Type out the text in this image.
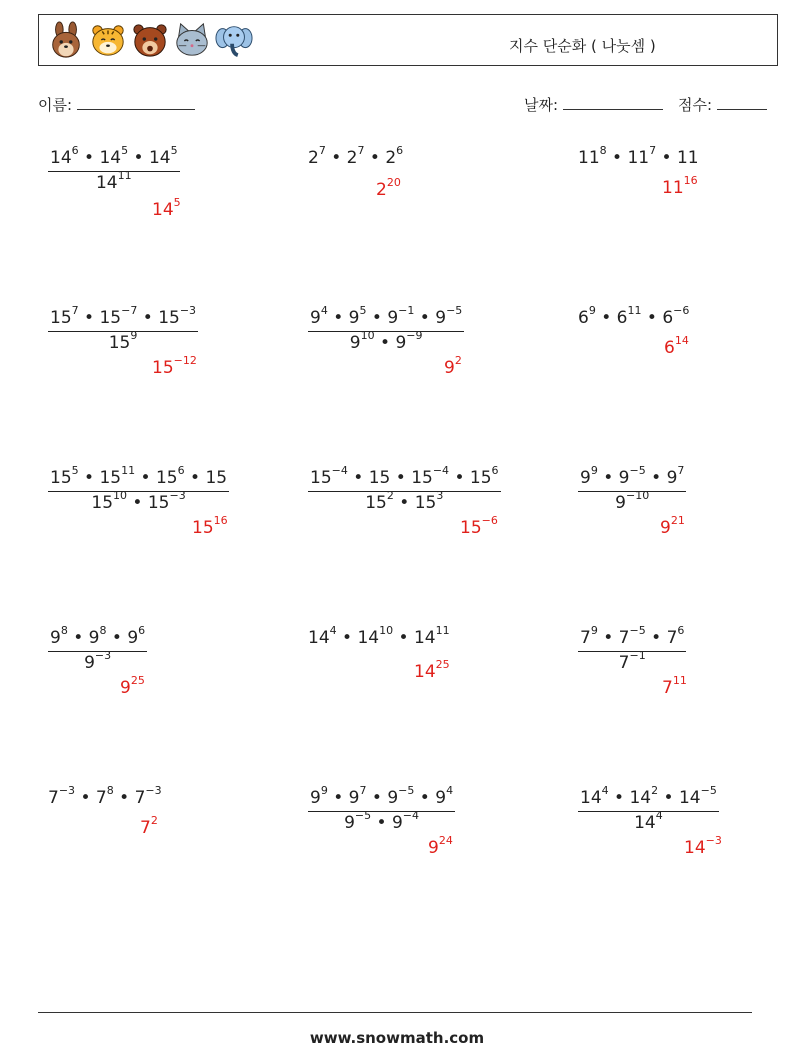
지수 단순화 ( 나눗셈 )
이름:	날짜:	점수:
$\frac{14^6 • 14^5 • 14^5}{14^{11}}$
$14^5$
$2^7$ • $2^7$ • $2^6$
$2^{20}$
$11^8$ • $11^7$ • 11
$11^{16}$
$\frac{15^7 • 15^{-7} • 15^{-3}}{15^9}$
$15^{-12}$
$\frac{9^4 • 9^5 • 9^{-1} • 9^{-5}}{9^{10} • 9^{-9}}$
$9^2$
$6^9$ • $6^{11}$ • $6^{-6}$
$6^{14}$
$\frac{15^5 • 15^{11} • 15^6 • 15}{15^{10} • 15^{-3}}$
$15^{16}$
$\frac{15^{-4} • 15 • 15^{-4} • 15^6}{15^2 • 15^3}$
$15^{-6}$
$\frac{9^9 • 9^{-5} • 9^7}{9^{-10}}$
$9^{21}$
$\frac{9^8 • 9^8 • 9^6}{9^{-3}}$
$9^{25}$
$14^4$ • $14^{10}$ • $14^{11}$
$14^{25}$	$\frac{7^9 • 7^{-5} • 7^6}{7^{-1}}$
$7^{11}$
$7^{-3}$ • $7^8$ • $7^{-3}$
$7^2$	$\frac{9^9 • 9^7 • 9^{-5} • 9^4}{9^{-5} • 9^{-4}}$
$9^{24}$
$\frac{14^4 • 14^2 • 14^{-5}}{14^4}$
$14^{-3}$
www.snowmath.com
